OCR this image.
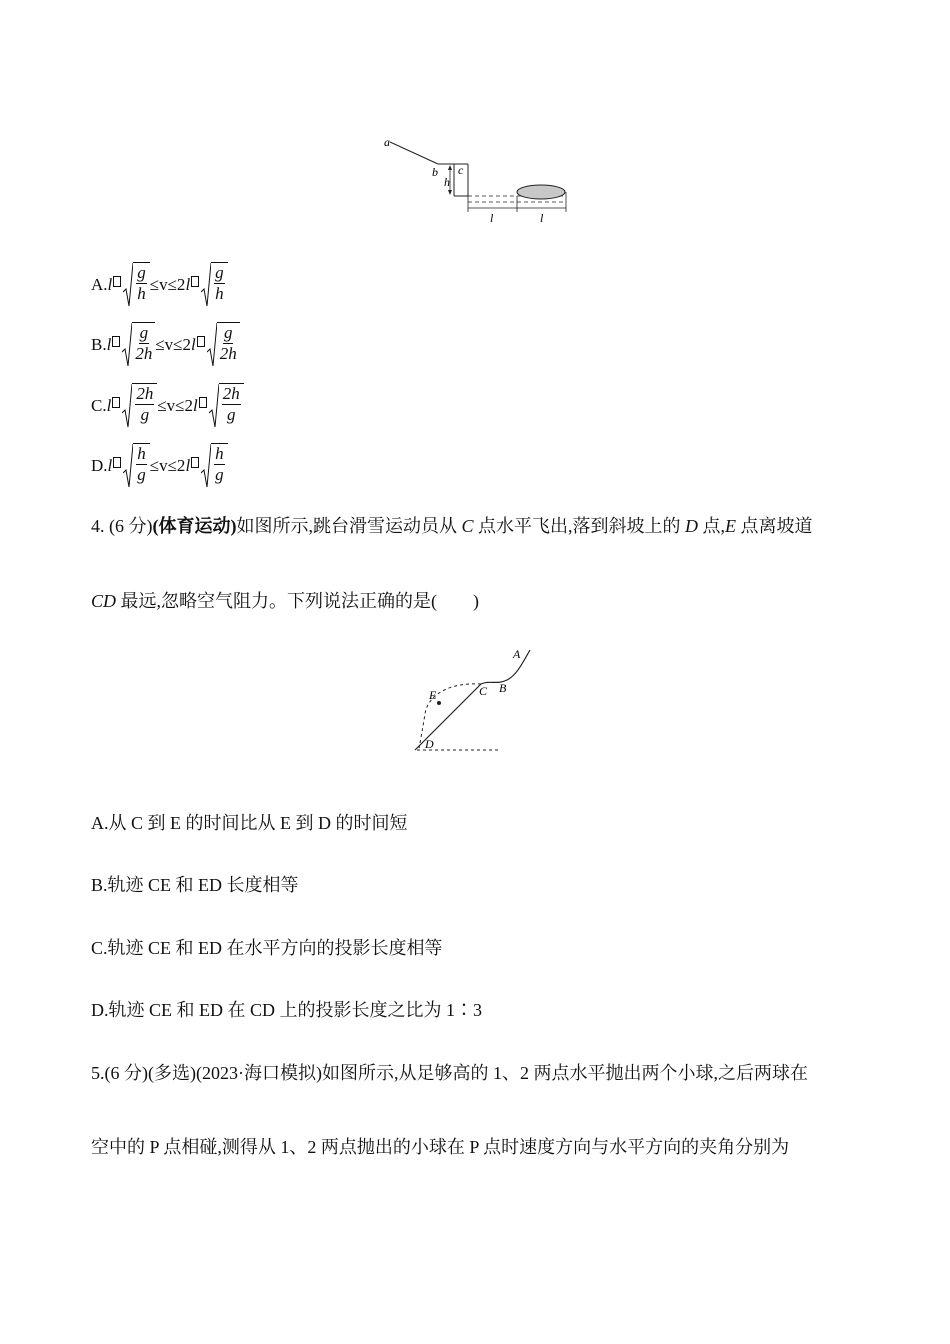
a
b c
h
l	l
A. l $\frac{g}{h} \le v\le 2$ l $\frac{g}{h}$
B. l $\frac{g}{2h} \le v\le 2$ l $\frac{g}{2h}$
C. l $\frac{2h}{g} \le v\le 2$ l $\frac{2h}{g}$
D. l $\frac{h}{g} \le v\le 2$ l $\frac{h}{g}$
4. (6 分)(体育运动)如图所示,跳台滑雪运动员从 C 点水平飞出,落到斜坡上的 D 点,E 点离坡道
CD 最远,忽略空气阻力。下列说法正确的是(　　)
A
B
C
E
D
A.从 C 到 E 的时间比从 E 到 D 的时间短
B.轨迹 CE 和 ED 长度相等
C.轨迹 CE 和 ED 在水平方向的投影长度相等
D.轨迹 CE 和 ED 在 CD 上的投影长度之比为 1∶3
5.(6 分)(多选)(2023·海口模拟)如图所示,从足够高的 1、2 两点水平抛出两个小球,之后两球在
空中的 P 点相碰,测得从 1、2 两点抛出的小球在 P 点时速度方向与水平方向的夹角分别为
